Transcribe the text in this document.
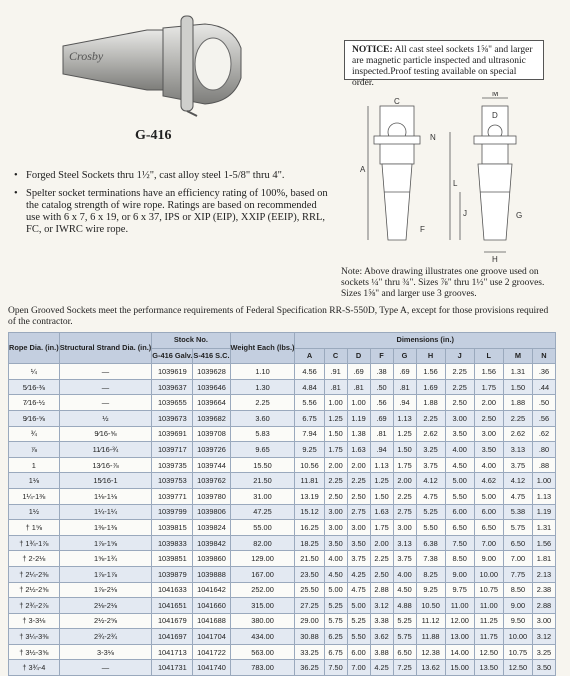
Crosby
G-416
• Forged Steel Sockets thru 1½", cast alloy steel 1-5/8" thru 4".
• Spelter socket terminations have an efficiency rating of 100%, based on the catalog strength of wire rope. Ratings are based on recommended use with 6 x 7, 6 x 19, or 6 x 37, IPS or XIP (EIP), XXIP (EEIP), RRL, FC, or IWRC wire rope.
NOTICE: All cast steel sockets 1⅝" and larger are magnetic particle inspected and ultrasonic inspected.Proof testing available on special order.
M
D
C
N
A
L
J	G
F
H
Note: Above drawing illustrates one groove used on sockets ¼" thru ¾". Sizes ⅞" thru 1½" use 2 grooves. Sizes 1⅝" and larger use 3 grooves.
Open Grooved Sockets meet the performance requirements of Federal Specification RR-S-550D, Type A, except for those provisions required of the contractor.
Rope Dia. (in.)	Structural Strand Dia. (in.)	Stock No.		Weight Each (lbs.)	Dimensions (in.)									
		G-416 Galv.	S-416 S.C.		A	C	D	F	G	H	J	L	M	N
¼	—	1039619	1039628	1.10	4.56	.91	.69	.38	.69	1.56	2.25	1.56	1.31	.36
5⁄16-⅜	—	1039637	1039646	1.30	4.84	.81	.81	.50	.81	1.69	2.25	1.75	1.50	.44
7⁄16-½	—	1039655	1039664	2.25	5.56	1.00	1.00	.56	.94	1.88	2.50	2.00	1.88	.50
9⁄16-⅝	½	1039673	1039682	3.60	6.75	1.25	1.19	.69	1.13	2.25	3.00	2.50	2.25	.56
¾	9⁄16-⅝	1039691	1039708	5.83	7.94	1.50	1.38	.81	1.25	2.62	3.50	3.00	2.62	.62
⅞	11⁄16-¾	1039717	1039726	9.65	9.25	1.75	1.63	.94	1.50	3.25	4.00	3.50	3.13	.80
1	13⁄16-⅞	1039735	1039744	15.50	10.56	2.00	2.00	1.13	1.75	3.75	4.50	4.00	3.75	.88
1⅛	15⁄16-1	1039753	1039762	21.50	11.81	2.25	2.25	1.25	2.00	4.12	5.00	4.62	4.12	1.00
1¼-1⅜	1⅛-1⅛	1039771	1039780	31.00	13.19	2.50	2.50	1.50	2.25	4.75	5.50	5.00	4.75	1.13
1½	1¼-1¼	1039799	1039806	47.25	15.12	3.00	2.75	1.63	2.75	5.25	6.00	6.00	5.38	1.19
† 1⅝	1⅜-1⅜	1039815	1039824	55.00	16.25	3.00	3.00	1.75	3.00	5.50	6.50	6.50	5.75	1.31
† 1¾-1⅞	1⅞-1⅝	1039833	1039842	82.00	18.25	3.50	3.50	2.00	3.13	6.38	7.50	7.00	6.50	1.56
† 2-2⅛	1⅝-1¾	1039851	1039860	129.00	21.50	4.00	3.75	2.25	3.75	7.38	8.50	9.00	7.00	1.81
† 2¼-2⅜	1⅞-1⅞	1039879	1039888	167.00	23.50	4.50	4.25	2.50	4.00	8.25	9.00	10.00	7.75	2.13
† 2½-2⅝	1⅞-2⅛	1041633	1041642	252.00	25.50	5.00	4.75	2.88	4.50	9.25	9.75	10.75	8.50	2.38
† 2¾-2⅞	2⅛-2⅛	1041651	1041660	315.00	27.25	5.25	5.00	3.12	4.88	10.50	11.00	11.00	9.00	2.88
† 3-3⅛	2½-2⅝	1041679	1041688	380.00	29.00	5.75	5.25	3.38	5.25	11.12	12.00	11.25	9.50	3.00
† 3¼-3⅜	2¾-2¾	1041697	1041704	434.00	30.88	6.25	5.50	3.62	5.75	11.88	13.00	11.75	10.00	3.12
† 3½-3⅝	3-3⅛	1041713	1041722	563.00	33.25	6.75	6.00	3.88	6.50	12.38	14.00	12.50	10.75	3.25
† 3¾-4	—	1041731	1041740	783.00	36.25	7.50	7.00	4.25	7.25	13.62	15.00	13.50	12.50	3.50
